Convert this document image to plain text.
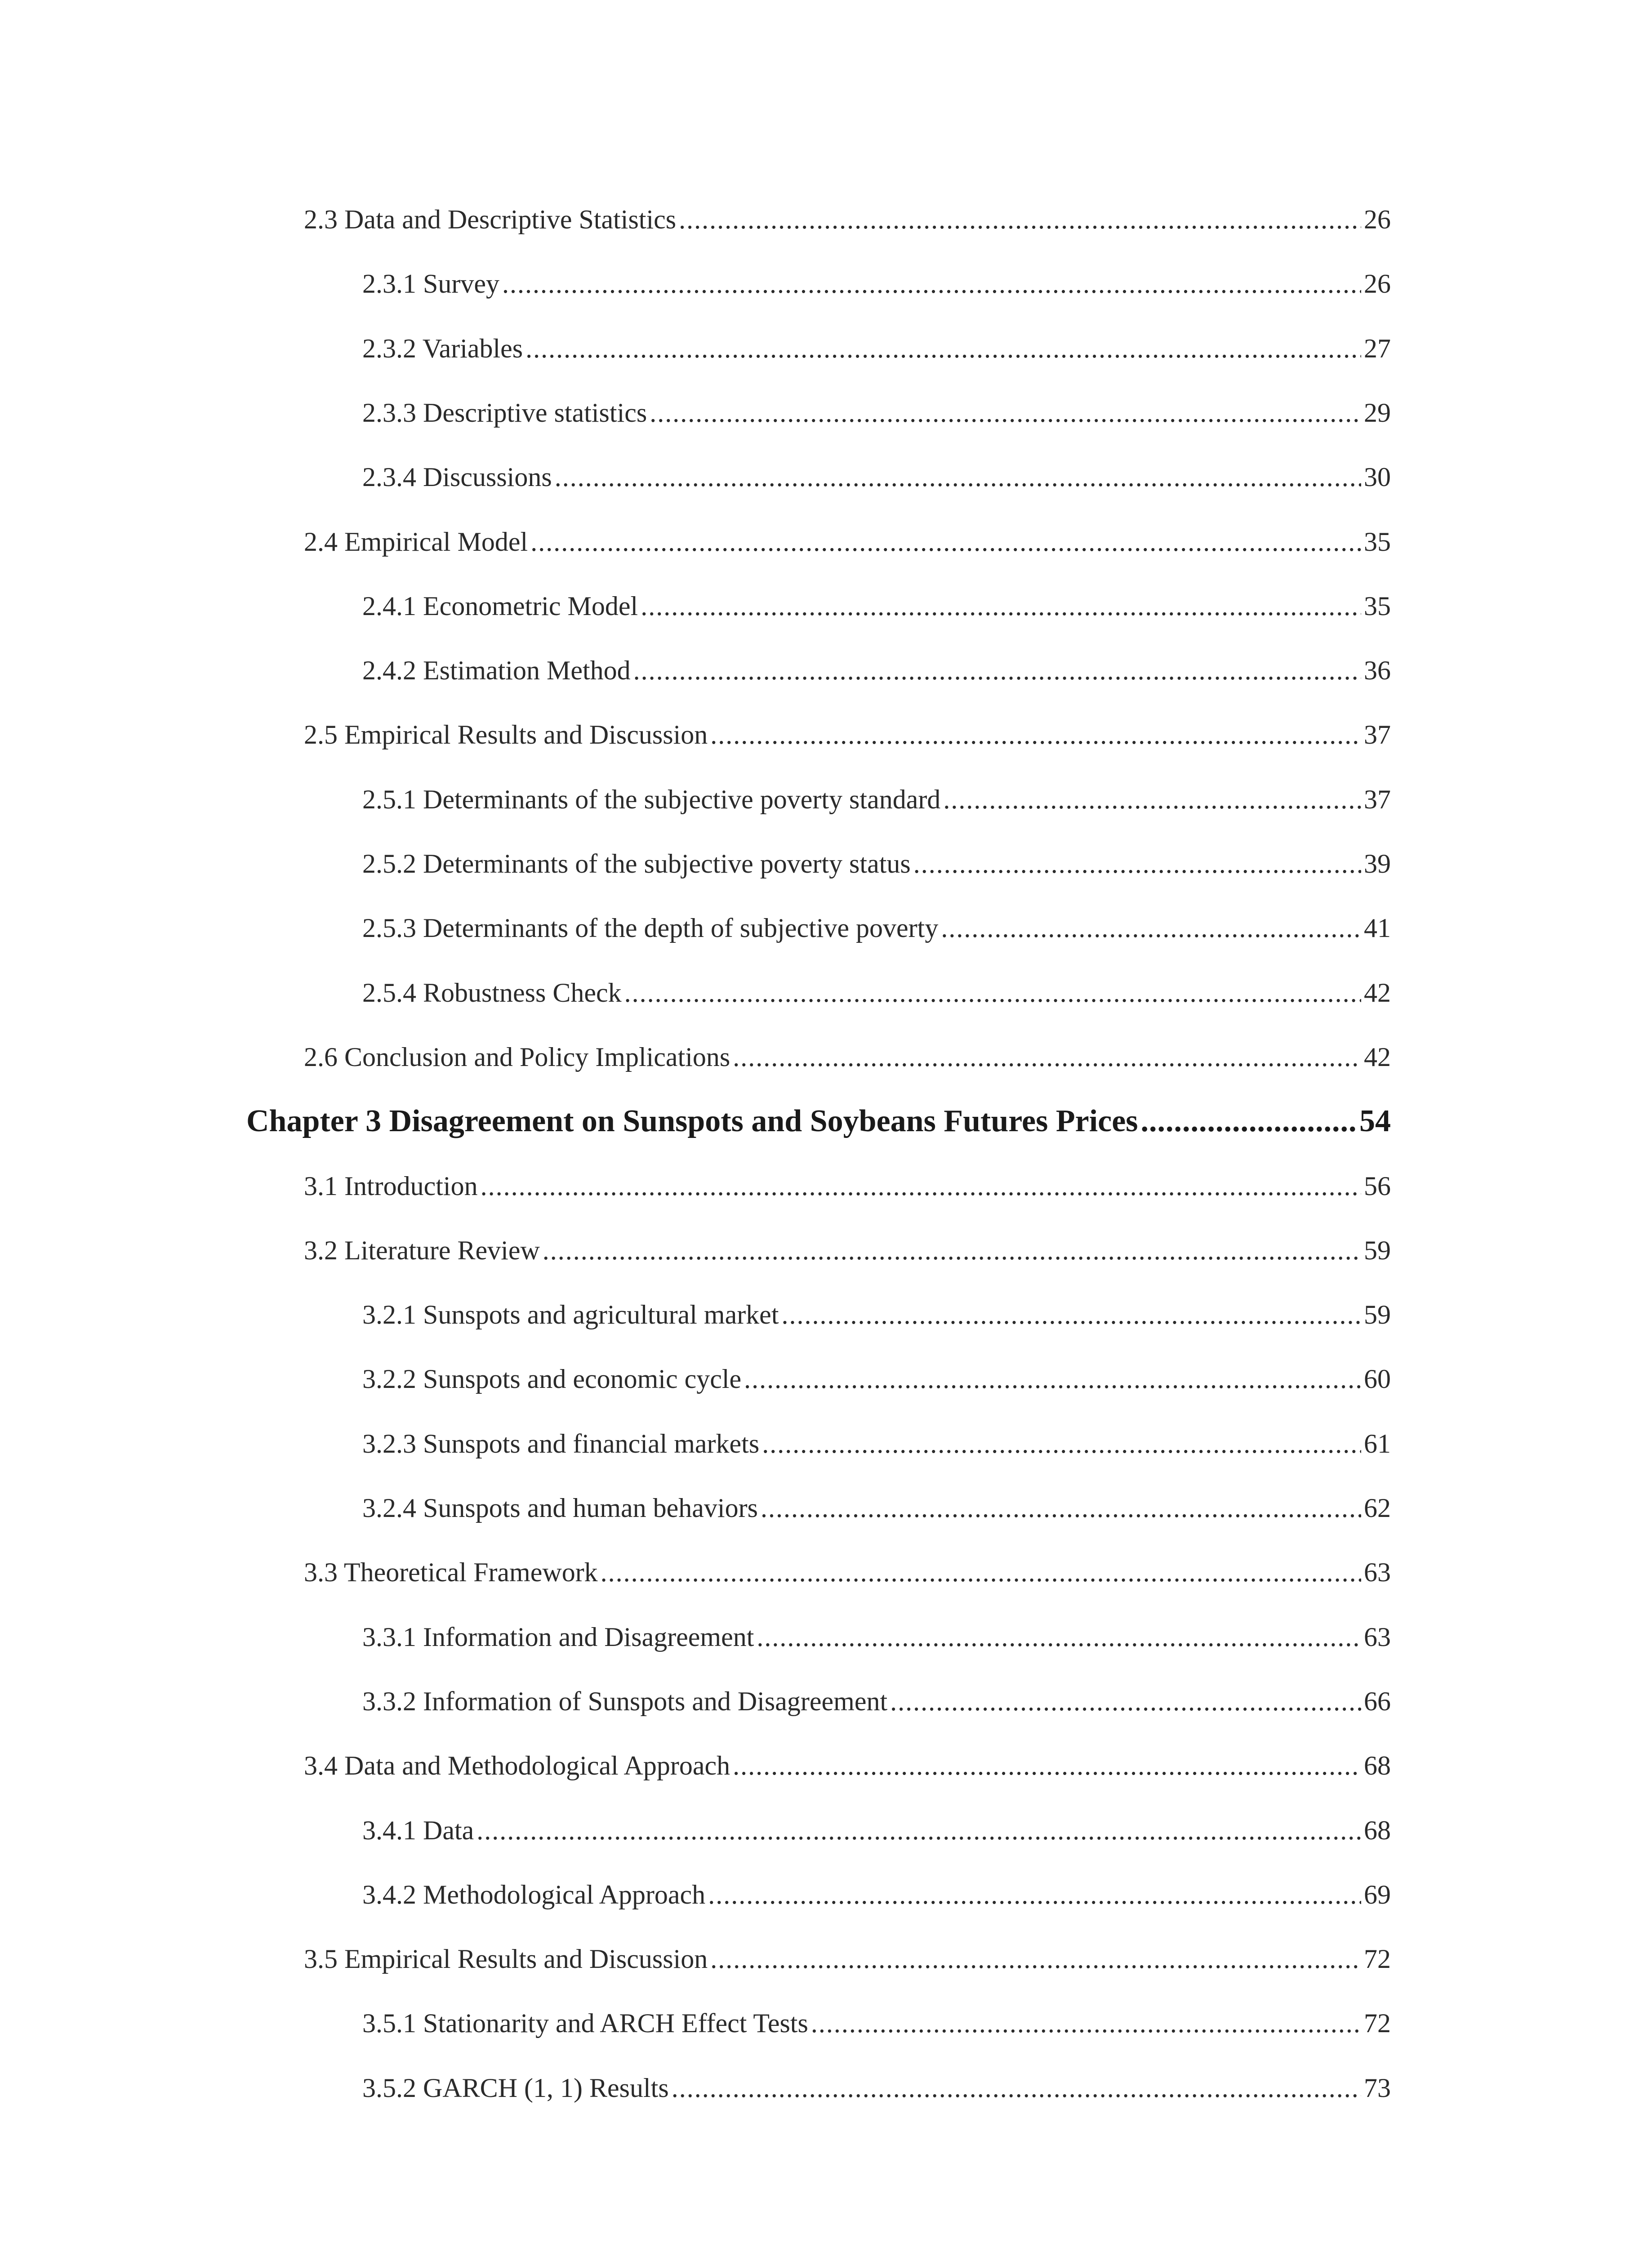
2.3 Data and Descriptive Statistics .....	26
2.3.1 Survey .....	26
2.3.2 Variables .....	27
2.3.3 Descriptive statistics .....	29
2.3.4 Discussions .....	30
2.4 Empirical Model .....	35
2.4.1 Econometric Model .....	35
2.4.2 Estimation Method .....	36
2.5 Empirical Results and Discussion .....	37
2.5.1 Determinants of the subjective poverty standard .....	37
2.5.2 Determinants of the subjective poverty status .....	39
2.5.3 Determinants of the depth of subjective poverty .....	41
2.5.4 Robustness Check .....	42
2.6 Conclusion and Policy Implications .....	42
Chapter 3 Disagreement on Sunspots and Soybeans Futures Prices .....	54
3.1 Introduction .....	56
3.2 Literature Review .....	59
3.2.1 Sunspots and agricultural market .....	59
3.2.2 Sunspots and economic cycle .....	60
3.2.3 Sunspots and financial markets .....	61
3.2.4 Sunspots and human behaviors .....	62
3.3 Theoretical Framework .....	63
3.3.1 Information and Disagreement .....	63
3.3.2 Information of Sunspots and Disagreement .....	66
3.4 Data and Methodological Approach .....	68
3.4.1 Data .....	68
3.4.2 Methodological Approach .....	69
3.5 Empirical Results and Discussion .....	72
3.5.1 Stationarity and ARCH Effect Tests .....	72
3.5.2 GARCH (1, 1) Results .....	73
